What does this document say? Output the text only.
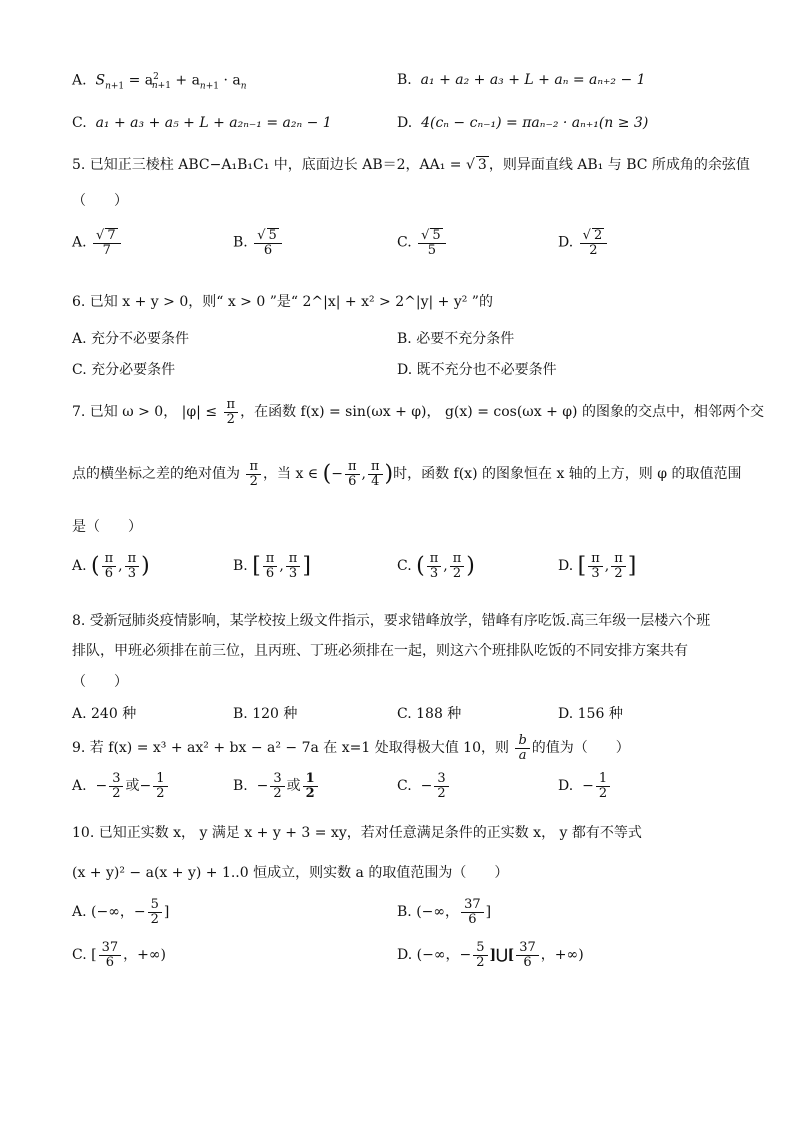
A. $S_{n+1} = a^2_{n+1} + a_{n+1} \cdot a_n$	B. a₁ + a₂ + a₃ + L + aₙ = aₙ₊₂ − 1
C. a₁ + a₃ + a₅ + L + a₂ₙ₋₁ = a₂ₙ − 1	D. 4(cₙ − cₙ₋₁) = πaₙ₋₂ · aₙ₊₁(n ≥ 3)
5. 已知正三棱柱 ABC−A₁B₁C₁ 中，底面边长 AB＝2，AA₁ = √ 3 ，则异面直线 AB₁ 与 BC 所成角的余弦值
（　　）
A. $\frac{√ 7}{7}$	B. $\frac{√ 5}{6}$	C. $\frac{√ 5}{5}$	D. $\frac{√ 2}{2}$
6. 已知 x + y > 0，则“ x > 0 ”是“ 2^|x| + x² > 2^|y| + y² ”的
A. 充分不必要条件	B. 必要不充分条件
C. 充分必要条件	D. 既不充分也不必要条件
7. 已知 ω > 0， $|\varphi| \le \frac{\pi}{2}$ ，在函数 f(x) = sin(ωx + φ)， g(x) = cos(ωx + φ) 的图象的交点中，相邻两个交
点的横坐标之差的绝对值为 $\frac{\pi}{2}$ ，当 x ∈ (− $\frac{\pi}{6}$ , $\frac{\pi}{4}$ )时，函数 f(x) 的图象恒在 x 轴的上方，则 φ 的取值范围
是（　　）
A. ( $\frac{\pi}{6}$ , $\frac{\pi}{3}$ )	B. [ $\frac{\pi}{6}$ , $\frac{\pi}{3}$ ]	C. ( $\frac{\pi}{3}$ , $\frac{\pi}{2}$ )	D. [ $\frac{\pi}{3}$ , $\frac{\pi}{2}$ ]
8. 受新冠肺炎疫情影响，某学校按上级文件指示，要求错峰放学，错峰有序吃饭.高三年级一层楼六个班
排队，甲班必须排在前三位，且丙班、丁班必须排在一起，则这六个班排队吃饭的不同安排方案共有
（　　）
A. 240 种	B. 120 种	C. 188 种	D. 156 种
9. 若 f(x) = x³ + ax² + bx − a² − 7a 在 x=1 处取得极大值 10，则 $\frac{b}{a}$ 的值为（　　）
A.  − $\frac{3}{2}$ 或− $\frac{1}{2}$	B.  − $\frac{3}{2}$ 或 $\frac{1}{2}$	C.  − $\frac{3}{2}$	D.  − $\frac{1}{2}$
10. 已知正实数 x， y 满足 x + y + 3 = xy，若对任意满足条件的正实数 x， y 都有不等式
(x + y)² − a(x + y) + 1..0 恒成立，则实数 a 的取值范围为（　　）
A. (−∞，− $\frac{5}{2}$ ]	B. (−∞， $\frac{37}{6}$ ]
C. [ $\frac{37}{6}$ ，+∞)	D. (−∞，− $\frac{5}{2}$ ]⋃[ $\frac{37}{6}$ ，+∞)
